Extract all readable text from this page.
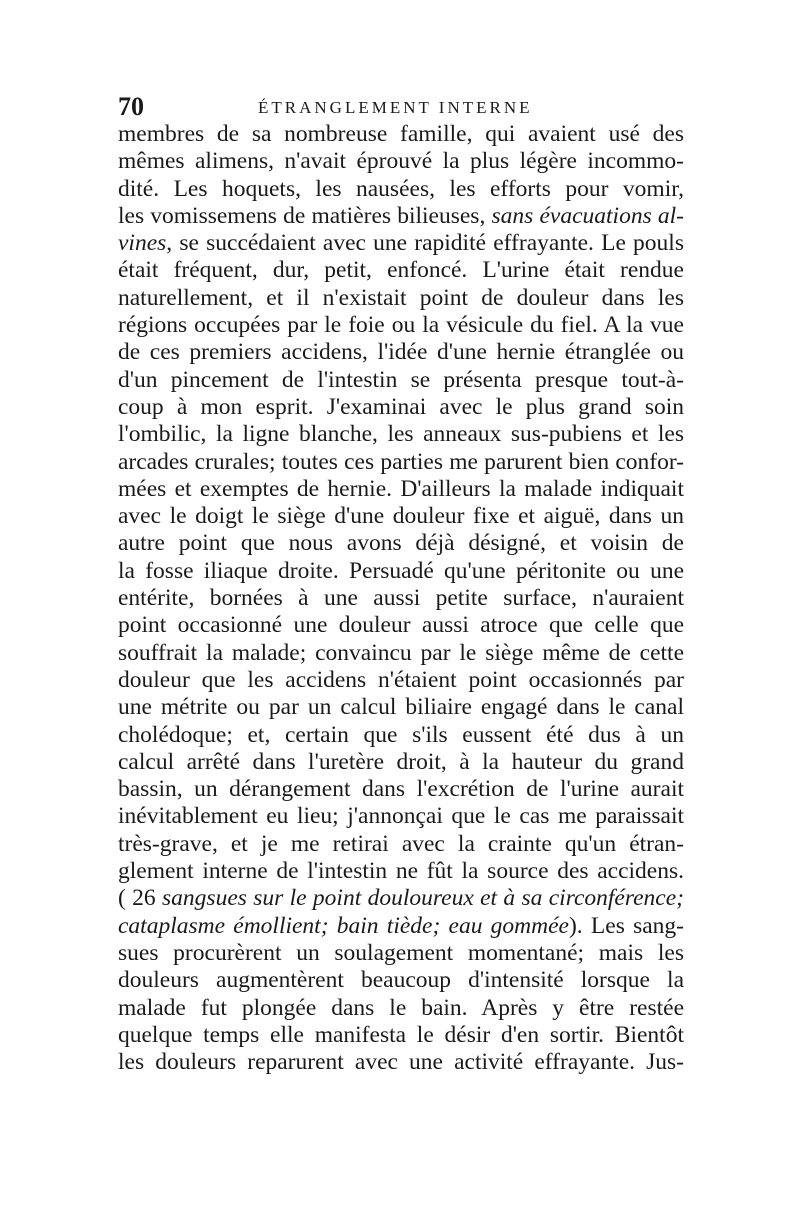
70	ÉTRANGLEMENT INTERNE
membres de sa nombreuse famille, qui avaient usé des
mêmes alimens, n'avait éprouvé la plus légère incommo-
dité. Les hoquets, les nausées, les efforts pour vomir,
les vomissemens de matières bilieuses, sans évacuations al-
vines, se succédaient avec une rapidité effrayante. Le pouls
était fréquent, dur, petit, enfoncé. L'urine était rendue
naturellement, et il n'existait point de douleur dans les
régions occupées par le foie ou la vésicule du fiel. A la vue
de ces premiers accidens, l'idée d'une hernie étranglée ou
d'un pincement de l'intestin se présenta presque tout-à-
coup à mon esprit. J'examinai avec le plus grand soin
l'ombilic, la ligne blanche, les anneaux sus-pubiens et les
arcades crurales; toutes ces parties me parurent bien confor-
mées et exemptes de hernie. D'ailleurs la malade indiquait
avec le doigt le siège d'une douleur fixe et aiguë, dans un
autre point que nous avons déjà désigné, et voisin de
la fosse iliaque droite. Persuadé qu'une péritonite ou une
entérite, bornées à une aussi petite surface, n'auraient
point occasionné une douleur aussi atroce que celle que
souffrait la malade; convaincu par le siège même de cette
douleur que les accidens n'étaient point occasionnés par
une métrite ou par un calcul biliaire engagé dans le canal
cholédoque; et, certain que s'ils eussent été dus à un
calcul arrêté dans l'uretère droit, à la hauteur du grand
bassin, un dérangement dans l'excrétion de l'urine aurait
inévitablement eu lieu; j'annonçai que le cas me paraissait
très-grave, et je me retirai avec la crainte qu'un étran-
glement interne de l'intestin ne fût la source des accidens.
( 26 sangsues sur le point douloureux et à sa circonférence;
cataplasme émollient; bain tiède; eau gommée). Les sang-
sues procurèrent un soulagement momentané; mais les
douleurs augmentèrent beaucoup d'intensité lorsque la
malade fut plongée dans le bain. Après y être restée
quelque temps elle manifesta le désir d'en sortir. Bientôt
les douleurs reparurent avec une activité effrayante. Jus-
